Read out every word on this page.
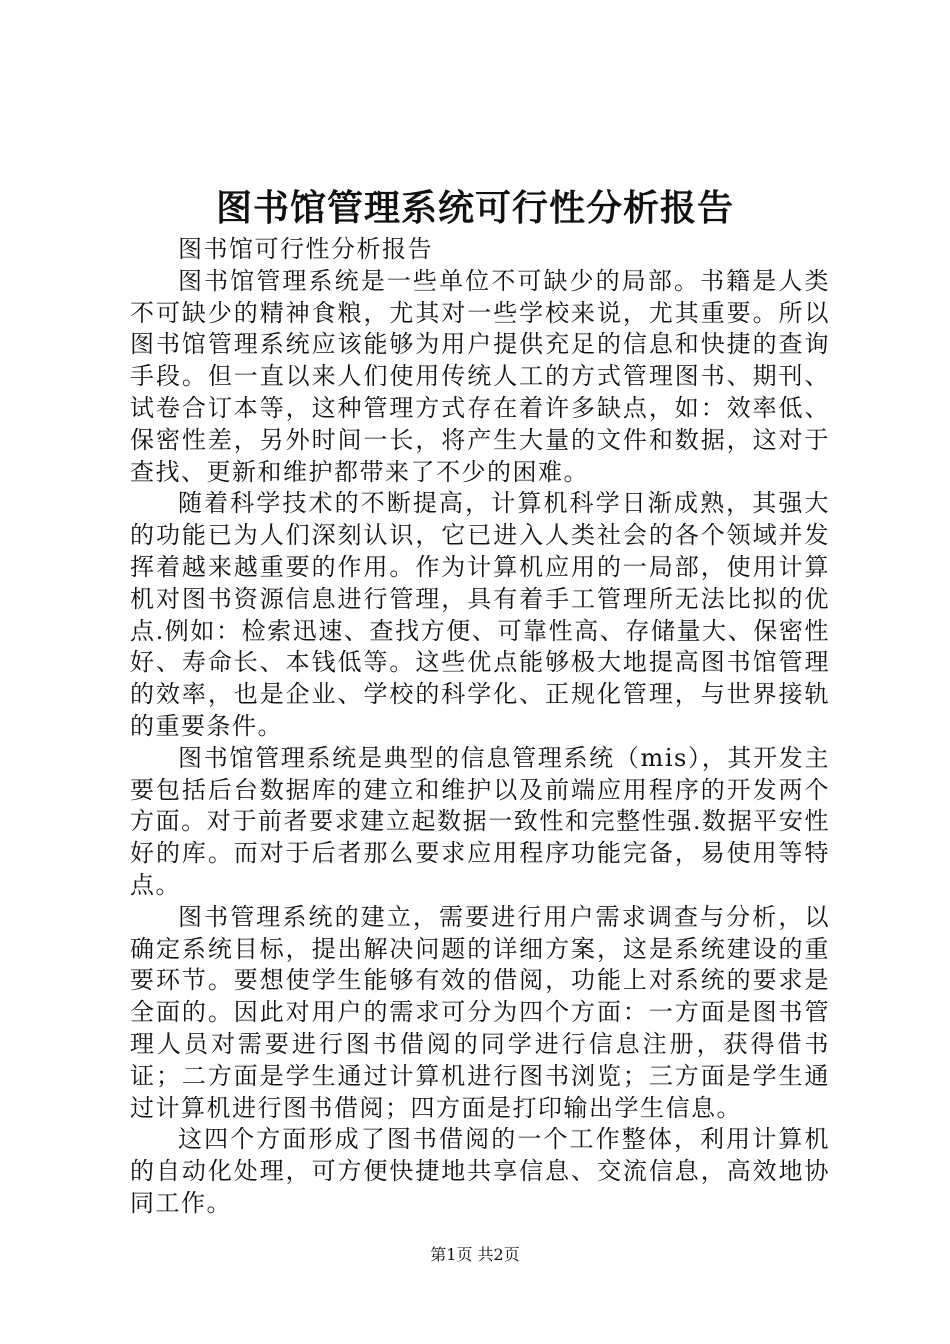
图书馆管理系统可行性分析报告

图书馆可行性分析报告

图书馆管理系统是一些单位不可缺少的局部。书籍是人类不可缺少的精神食粮，尤其对一些学校来说，尤其重要。所以图书馆管理系统应该能够为用户提供充足的信息和快捷的查询手段。但一直以来人们使用传统人工的方式管理图书、期刊、试卷合订本等，这种管理方式存在着许多缺点，如：效率低、保密性差，另外时间一长，将产生大量的文件和数据，这对于查找、更新和维护都带来了不少的困难。

随着科学技术的不断提高，计算机科学日渐成熟，其强大的功能已为人们深刻认识，它已进入人类社会的各个领域并发挥着越来越重要的作用。作为计算机应用的一局部，使用计算机对图书资源信息进行管理，具有着手工管理所无法比拟的优点.例如：检索迅速、查找方便、可靠性高、存储量大、保密性好、寿命长、本钱低等。这些优点能够极大地提高图书馆管理的效率，也是企业、学校的科学化、正规化管理，与世界接轨的重要条件。

图书馆管理系统是典型的信息管理系统（mis），其开发主要包括后台数据库的建立和维护以及前端应用程序的开发两个方面。对于前者要求建立起数据一致性和完整性强.数据平安性好的库。而对于后者那么要求应用程序功能完备，易使用等特点。

图书管理系统的建立，需要进行用户需求调查与分析，以确定系统目标，提出解决问题的详细方案，这是系统建设的重要环节。要想使学生能够有效的借阅，功能上对系统的要求是全面的。因此对用户的需求可分为四个方面：一方面是图书管理人员对需要进行图书借阅的同学进行信息注册，获得借书证；二方面是学生通过计算机进行图书浏览；三方面是学生通过计算机进行图书借阅；四方面是打印输出学生信息。

这四个方面形成了图书借阅的一个工作整体，利用计算机的自动化处理，可方便快捷地共享信息、交流信息，高效地协同工作。

第1页 共2页
